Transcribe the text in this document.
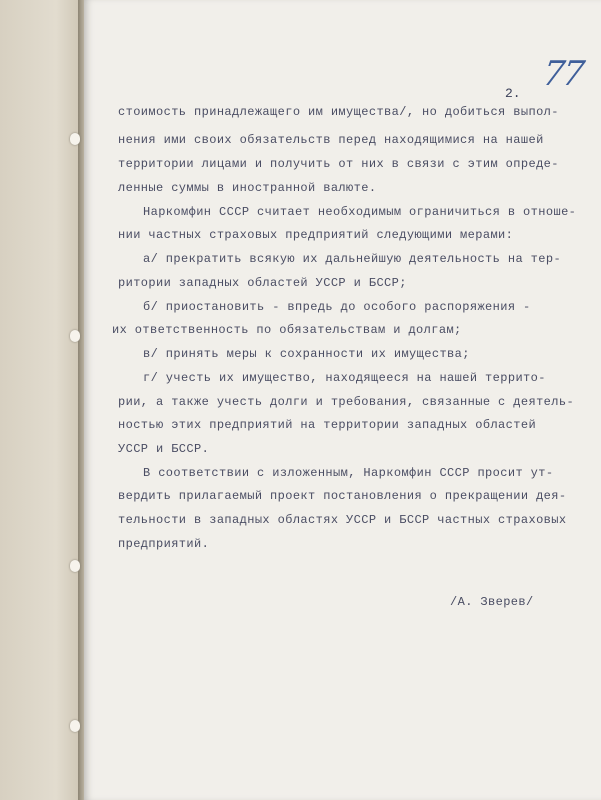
2. 77
стоимость принадлежащего им имущества/, но добиться выпол-
нения ими своих обязательств перед находящимися на нашей
территории лицами и получить от них в связи с этим опреде-
ленные суммы в иностранной валюте.
Наркомфин СССР считает необходимым ограничиться в отноше-
нии частных страховых предприятий следующими мерами:
а/ прекратить всякую их дальнейшую деятельность на тер-
ритории западных областей УССР и БССР;
б/ приостановить - впредь до особого распоряжения -
их ответственность по обязательствам и долгам;
в/ принять меры к сохранности их имущества;
г/ учесть их имущество, находящееся на нашей террито-
рии, а также учесть долги и требования, связанные с деятель-
ностью этих предприятий на территории западных областей
УССР и БССР.
В соответствии с изложенным, Наркомфин СССР просит ут-
вердить прилагаемый проект постановления о прекращении дея-
тельности в западных областях УССР и БССР частных страховых
предприятий.
/А. Зверев/
